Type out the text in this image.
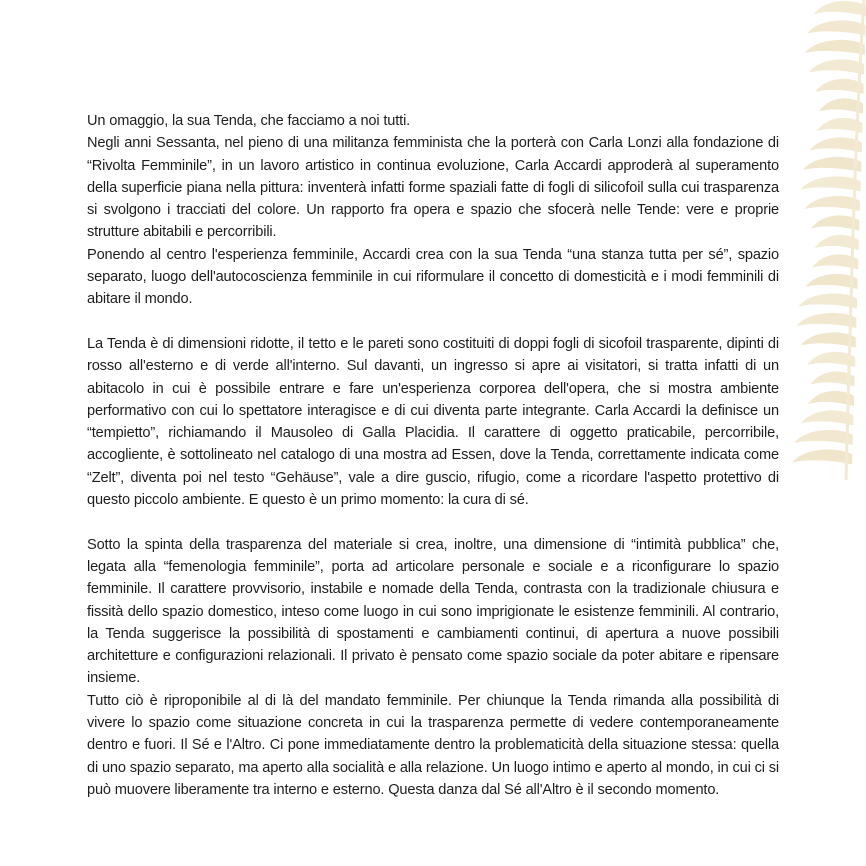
Un omaggio, la sua Tenda, che facciamo a noi tutti.

Negli anni Sessanta, nel pieno di una militanza femminista che la porterà con Carla Lonzi alla fondazione di “Rivolta Femminile”, in un lavoro artistico in continua evoluzione, Carla Accardi approderà al superamento della superficie piana nella pittura: inventerà infatti forme spaziali fatte di fogli di silicofoil sulla cui trasparenza si svolgono i tracciati del colore. Un rapporto fra opera e spazio che sfocerà nelle Tende: vere e proprie strutture abitabili e percorribili.

Ponendo al centro l'esperienza femminile, Accardi crea con la sua Tenda “una stanza tutta per sé”, spazio separato, luogo dell'autocoscienza femminile in cui riformulare il concetto di domesticità e i modi femminili di abitare il mondo.

La Tenda è di dimensioni ridotte, il tetto e le pareti sono costituiti di doppi fogli di sicofoil trasparente, dipinti di rosso all'esterno e di verde all'interno. Sul davanti, un ingresso si apre ai visitatori, si tratta infatti di un abitacolo in cui è possibile entrare e fare un'esperienza corporea dell'opera, che si mostra ambiente performativo con cui lo spettatore interagisce e di cui diventa parte integrante. Carla Accardi la definisce un “tempietto”, richiamando il Mausoleo di Galla Placidia. Il carattere di oggetto praticabile, percorribile, accogliente, è sottolineato nel catalogo di una mostra ad Essen, dove la Tenda, correttamente indicata come “Zelt”, diventa poi nel testo “Gehäuse”, vale a dire guscio, rifugio, come a ricordare l'aspetto protettivo di questo piccolo ambiente. E questo è un primo momento: la cura di sé.

Sotto la spinta della trasparenza del materiale si crea, inoltre, una dimensione di “intimità pubblica” che, legata alla “femenologia femminile”, porta ad articolare personale e sociale e a riconfigurare lo spazio femminile. Il carattere provvisorio, instabile e nomade della Tenda, contrasta con la tradizionale chiusura e fissità dello spazio domestico, inteso come luogo in cui sono imprigionate le esistenze femminili. Al contrario, la Tenda suggerisce la possibilità di spostamenti e cambiamenti continui, di apertura a nuove possibili architetture e configurazioni relazionali. Il privato è pensato come spazio sociale da poter abitare e ripensare insieme.

Tutto ciò è riproponibile al di là del mandato femminile. Per chiunque la Tenda rimanda alla possibilità di vivere lo spazio come situazione concreta in cui la trasparenza permette di vedere contemporaneamente dentro e fuori. Il Sé e l'Altro. Ci pone immediatamente dentro la problematicità della situazione stessa: quella di uno spazio separato, ma aperto alla socialità e alla relazione. Un luogo intimo e aperto al mondo, in cui ci si può muovere liberamente tra interno e esterno. Questa danza dal Sé all'Altro è il secondo momento.
